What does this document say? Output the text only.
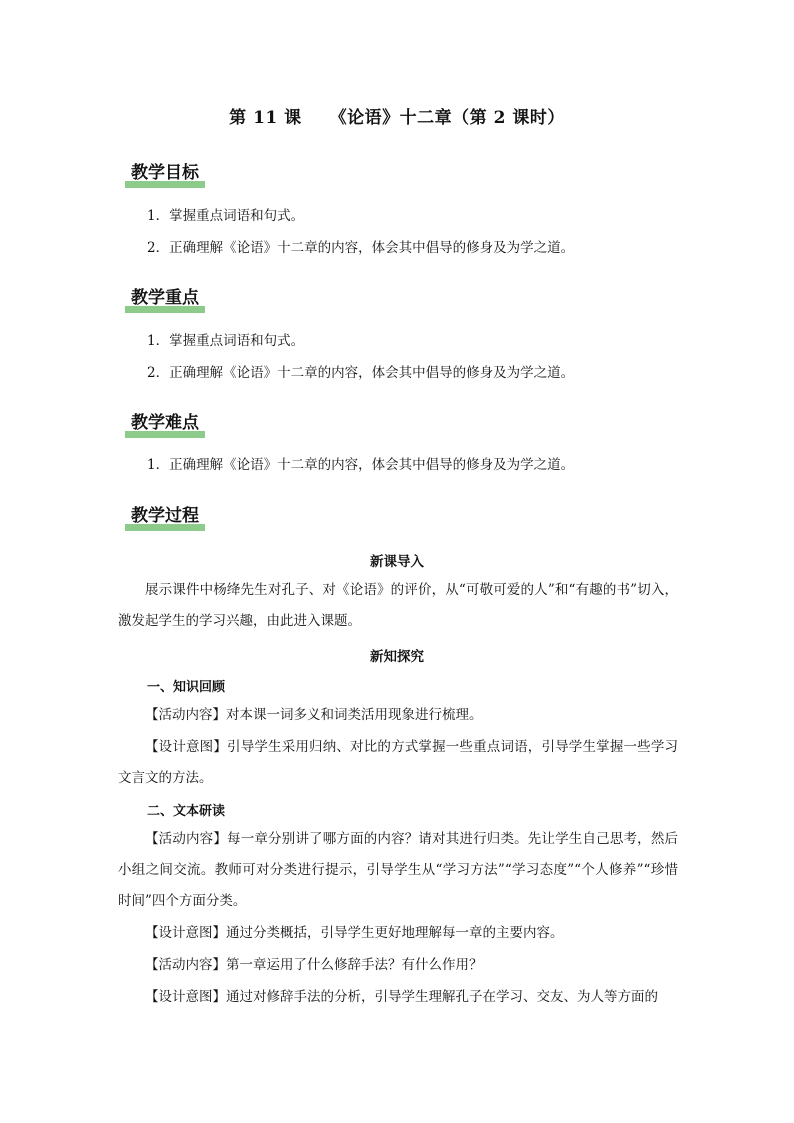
第 11 课 《论语》十二章（第 2 课时）
教学目标
1．掌握重点词语和句式。
2．正确理解《论语》十二章的内容，体会其中倡导的修身及为学之道。
教学重点
1．掌握重点词语和句式。
2．正确理解《论语》十二章的内容，体会其中倡导的修身及为学之道。
教学难点
1．正确理解《论语》十二章的内容，体会其中倡导的修身及为学之道。
教学过程
新课导入
展示课件中杨绛先生对孔子、对《论语》的评价，从“可敬可爱的人”和“有趣的书”切入，激发起学生的学习兴趣，由此进入课题。
新知探究
一、知识回顾
【活动内容】对本课一词多义和词类活用现象进行梳理。
【设计意图】引导学生采用归纳、对比的方式掌握一些重点词语，引导学生掌握一些学习文言文的方法。
二、文本研读
【活动内容】每一章分别讲了哪方面的内容？请对其进行归类。先让学生自己思考，然后小组之间交流。教师可对分类进行提示，引导学生从“学习方法”“学习态度”“个人修养”“珍惜时间”四个方面分类。
【设计意图】通过分类概括，引导学生更好地理解每一章的主要内容。
【活动内容】第一章运用了什么修辞手法？有什么作用？
【设计意图】通过对修辞手法的分析，引导学生理解孔子在学习、交友、为人等方面的
